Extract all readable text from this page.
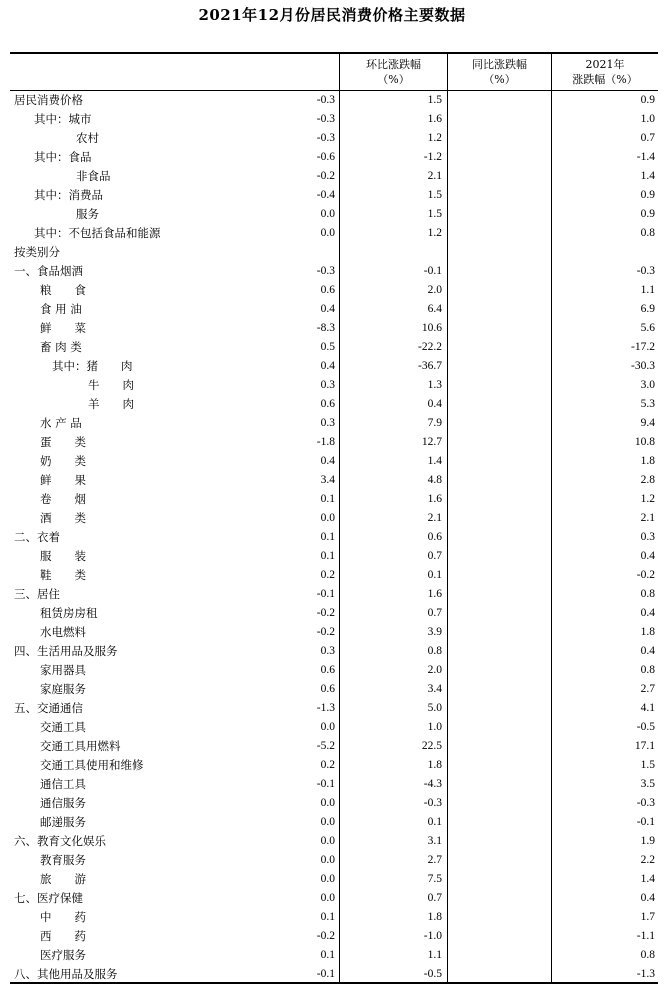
2021年12月份居民消费价格主要数据
环比涨跌幅
（%）
同比涨跌幅
（%）
2021年
涨跌幅（%）
居民消费价格	-0.3	1.5	0.9
其中：城市	-0.3	1.6	1.0
农村	-0.3	1.2	0.7
其中：食品	-0.6	-1.2	-1.4
非食品	-0.2	2.1	1.4
其中：消费品	-0.4	1.5	0.9
服务	0.0	1.5	0.9
其中：不包括食品和能源	0.0	1.2	0.8
按类别分
一、食品烟酒	-0.3	-0.1	-0.3
粮　　食	0.6	2.0	1.1
食 用 油	0.4	6.4	6.9
鲜　　菜	-8.3	10.6	5.6
畜 肉 类	0.5	-22.2	-17.2
其中：猪　　肉	0.4	-36.7	-30.3
牛　　肉	0.3	1.3	3.0
羊　　肉	0.6	0.4	5.3
水 产 品	0.3	7.9	9.4
蛋　　类	-1.8	12.7	10.8
奶　　类	0.4	1.4	1.8
鲜　　果	3.4	4.8	2.8
卷　　烟	0.1	1.6	1.2
酒　　类	0.0	2.1	2.1
二、衣着	0.1	0.6	0.3
服　　装	0.1	0.7	0.4
鞋　　类	0.2	0.1	-0.2
三、居住	-0.1	1.6	0.8
租赁房房租	-0.2	0.7	0.4
水电燃料	-0.2	3.9	1.8
四、生活用品及服务	0.3	0.8	0.4
家用器具	0.6	2.0	0.8
家庭服务	0.6	3.4	2.7
五、交通通信	-1.3	5.0	4.1
交通工具	0.0	1.0	-0.5
交通工具用燃料	-5.2	22.5	17.1
交通工具使用和维修	0.2	1.8	1.5
通信工具	-0.1	-4.3	3.5
通信服务	0.0	-0.3	-0.3
邮递服务	0.0	0.1	-0.1
六、教育文化娱乐	0.0	3.1	1.9
教育服务	0.0	2.7	2.2
旅　　游	0.0	7.5	1.4
七、医疗保健	0.0	0.7	0.4
中　　药	0.1	1.8	1.7
西　　药	-0.2	-1.0	-1.1
医疗服务	0.1	1.1	0.8
八、其他用品及服务	-0.1	-0.5	-1.3
